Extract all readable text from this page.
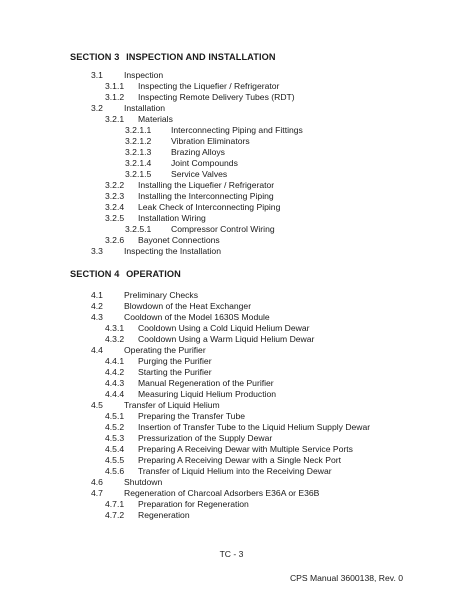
SECTION 3 INSPECTION AND INSTALLATION
3.1 Inspection
3.1.1 Inspecting the Liquefier / Refrigerator
3.1.2 Inspecting Remote Delivery Tubes (RDT)
3.2 Installation
3.2.1 Materials
3.2.1.1 Interconnecting Piping and Fittings
3.2.1.2 Vibration Eliminators
3.2.1.3 Brazing Alloys
3.2.1.4 Joint Compounds
3.2.1.5 Service Valves
3.2.2 Installing the Liquefier / Refrigerator
3.2.3 Installing the Interconnecting Piping
3.2.4 Leak Check of Interconnecting Piping
3.2.5 Installation Wiring
3.2.5.1 Compressor Control Wiring
3.2.6 Bayonet Connections
3.3 Inspecting the Installation
SECTION 4 OPERATION
4.1 Preliminary Checks
4.2 Blowdown of the Heat Exchanger
4.3 Cooldown of the Model 1630S Module
4.3.1 Cooldown Using a Cold Liquid Helium Dewar
4.3.2 Cooldown Using a Warm Liquid Helium Dewar
4.4 Operating the Purifier
4.4.1 Purging the Purifier
4.4.2 Starting the Purifier
4.4.3 Manual Regeneration of the Purifier
4.4.4 Measuring Liquid Helium Production
4.5 Transfer of Liquid Helium
4.5.1 Preparing the Transfer Tube
4.5.2 Insertion of Transfer Tube to the Liquid Helium Supply Dewar
4.5.3 Pressurization of the Supply Dewar
4.5.4 Preparing A Receiving Dewar with Multiple Service Ports
4.5.5 Preparing A Receiving Dewar with a Single Neck Port
4.5.6 Transfer of Liquid Helium into the Receiving Dewar
4.6 Shutdown
4.7 Regeneration of Charcoal Adsorbers E36A or E36B
4.7.1 Preparation for Regeneration
4.7.2 Regeneration
TC - 3
CPS Manual 3600138, Rev. 0
